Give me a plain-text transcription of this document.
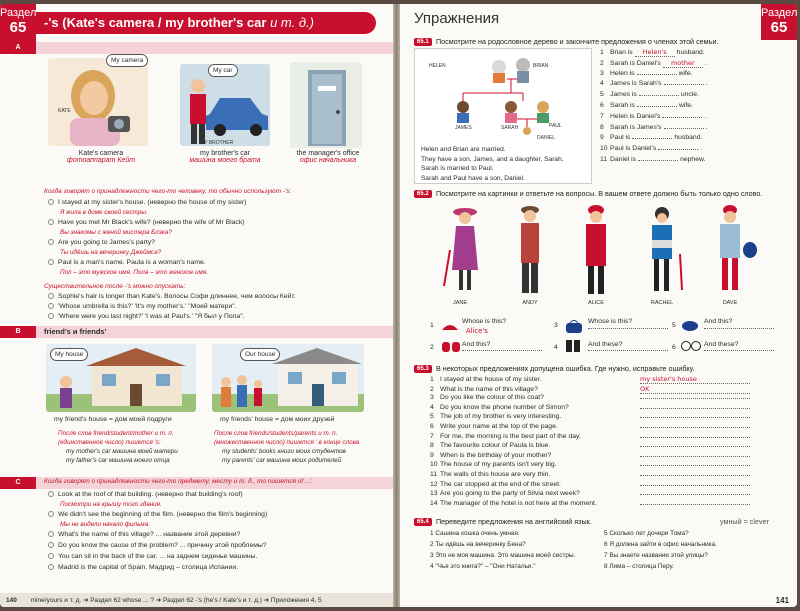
Раздел
65	-'s (Kate's camera / my brother's car и т. д.)
A
KATE
My camera
Kate's camera
фотоаппарат Кейт
MY BROTHER
My car
my brother's car
машина моего брата
the manager's office
офис начальника
Когда говорят о принадлежности чего-то человеку, то обычно используют -'s:
I stayed at my sister's house. (неверно the house of my sister)
Я жила в доме своей сестры.
Have you met Mr Black's wife? (неверно the wife of Mr Black)
Вы знакомы с женой мистера Блэка?
Are you going to James's party?
Ты идёшь на вечеринку Джеймса?
Paul is a man's name. Paula is a woman's name.
Пол – это мужское имя. Пола – это женское имя.
Существительное после -'s можно опускать:
Sophie's hair is longer than Kate's. Волосы Софи длиннее, чем волосы Кейт.
'Whose umbrella is this?' 'It's my mother's.' "Моей матери".
'Where were you last night?' 'I was at Paul's.' "Я был у Пола".
B	friend's и friends'
My house
my friend's house = дом моей подруги
Our house
my friends' house = дом моих друзей
После слов friend/student/mother и т. п.
(единственное число) пишется 's:
my mother's car машина моей матери
my father's car машина моего отца
После слов friends/students/parents и т. п.
(множественное число) пишется ' в конце слова
my students' books книги моих студентов
my parents' car машина моих родителей
C	Когда говорят о принадлежности чего-то предмету, месту и т. д., то пишется of ...:
Look at the roof of that building. (неверно that building's roof)
Посмотри на крышу того здания.
We didn't see the beginning of the film. (неверно the film's beginning)
Мы не видели начало фильма.
What's the name of this village? ... название этой деревни?
Do you know the cause of the problem? ... причину этой проблемы?
You can sit in the back of the car. ... на заднем сиденье машины.
Madrid is the capital of Spain. Мадрид – столица Испании.
140 mine/yours и т. д. ➜ Раздел 62 whose ... ? ➜ Раздел 62 -'s (he's / Kate's и т. д.) ➜ Приложения 4, 5
Упражнения	Раздел
65
65.1	Посмотрите на родословное дерево и закончите предложения о членах этой семьи.
HELEN	BRIAN
JAMES	SARAH	PAUL
DANIEL
Helen and Brian are married.
They have a son, James, and a daughter, Sarah.
Sarah is married to Paul.
Sarah and Paul have a son, Daniel.
1 Brian is Helen's husband.
2 Sarah is Daniel's mother .
3 Helen is	wife.
4 James is Sarah's	.
5 James is	uncle.
6 Sarah is	wife.
7 Helen is Daniel's	.
8 Sarah is James's	.
9 Paul is	husband.
10 Paul is Daniel's	.
11 Daniel is	nephew.
65.2	Посмотрите на картинки и ответьте на вопросы. В вашем ответе должно быть только одно слово.
JANE	ANDY	ALICE	RACHEL	DAVE
1
Whose is this?
Alice's
2	And this?
3
Whose is this?
4	And these?
5
And this?
6	And these?
65.3	В некоторых предложениях допущена ошибка. Где нужно, исправьте ошибку.
1 I stayed at the house of my sister.	my sister's house
2 What is the name of this village?	OK
3 Do you like the colour of this coat?
4 Do you know the phone number of Simon?
5 The job of my brother is very interesting.
6 Write your name at the top of the page.
7 For me, the morning is the best part of the day.
8 The favourite colour of Paula is blue.
9 When is the birthday of your mother?
10 The house of my parents isn't very big.
11 The walls of this house are very thin.
12 The car stopped at the end of the street.
13 Are you going to the party of Silvia next week?
14 The manager of the hotel is not here at the moment.
65.4	Переведите предложения на английский язык.	умный = clever
1 Сашина кошка очень умная.
2 Ты идёшь на вечеринку Бена?
3 Это не моя машина. Это машина моей сестры.
4 "Чья это книга?" – "Они Натальи."
5 Сколько лет дочери Тома?
6 Я должна зайти в офис начальника.
7 Вы знаете название этой улицы?
8 Лима – столица Перу.
141
